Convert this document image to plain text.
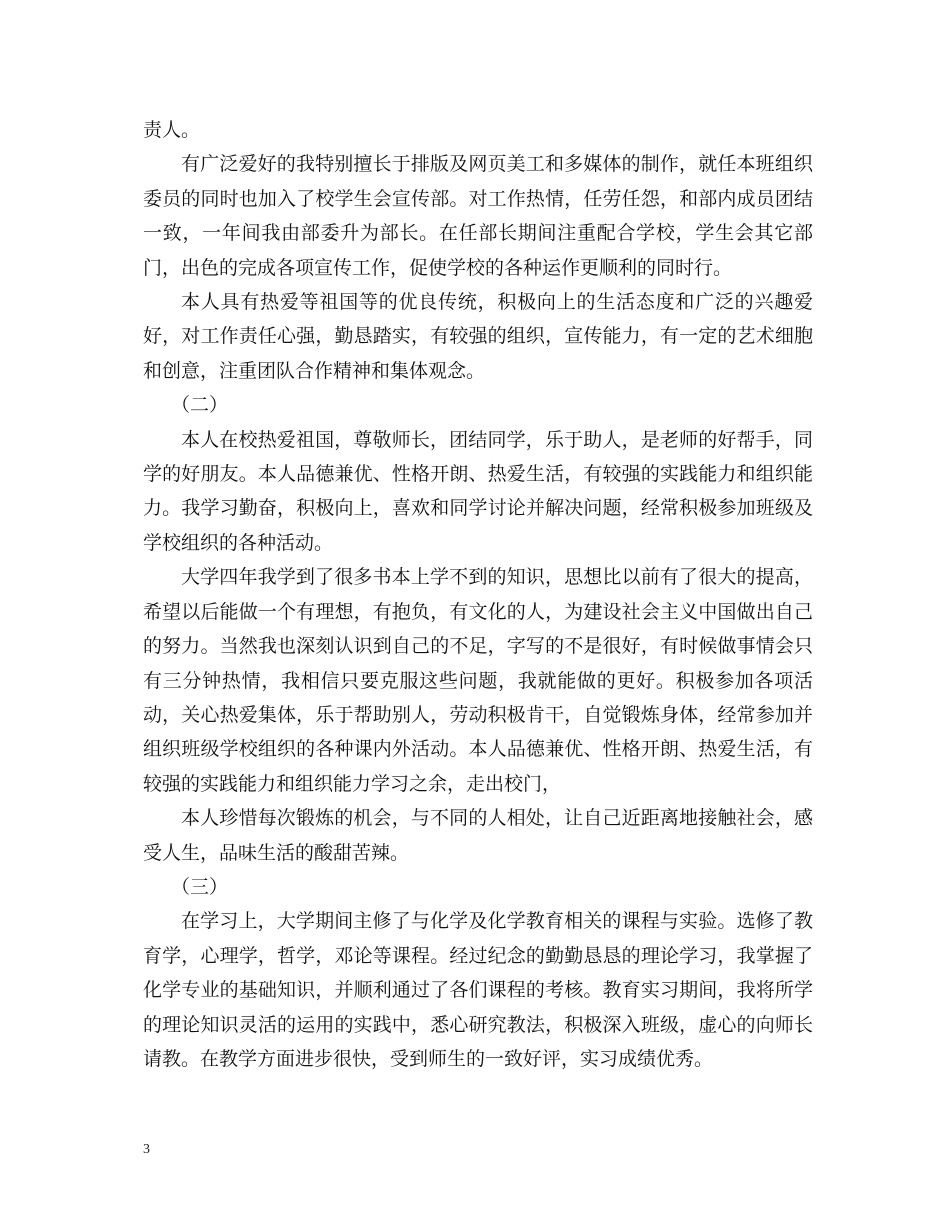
责人。

有广泛爱好的我特别擅长于排版及网页美工和多媒体的制作，就任本班组织委员的同时也加入了校学生会宣传部。对工作热情，任劳任怨，和部内成员团结一致，一年间我由部委升为部长。在任部长期间注重配合学校，学生会其它部门，出色的完成各项宣传工作，促使学校的各种运作更顺利的同时行。

本人具有热爱等祖国等的优良传统，积极向上的生活态度和广泛的兴趣爱好，对工作责任心强，勤恳踏实，有较强的组织，宣传能力，有一定的艺术细胞和创意，注重团队合作精神和集体观念。

（二）

本人在校热爱祖国，尊敬师长，团结同学，乐于助人，是老师的好帮手，同学的好朋友。本人品德兼优、性格开朗、热爱生活，有较强的实践能力和组织能力。我学习勤奋，积极向上，喜欢和同学讨论并解决问题，经常积极参加班级及学校组织的各种活动。

大学四年我学到了很多书本上学不到的知识，思想比以前有了很大的提高，希望以后能做一个有理想，有抱负，有文化的人，为建设社会主义中国做出自己的努力。当然我也深刻认识到自己的不足，字写的不是很好，有时候做事情会只有三分钟热情，我相信只要克服这些问题，我就能做的更好。积极参加各项活动，关心热爱集体，乐于帮助别人，劳动积极肯干，自觉锻炼身体，经常参加并组织班级学校组织的各种课内外活动。本人品德兼优、性格开朗、热爱生活，有较强的实践能力和组织能力学习之余，走出校门，

本人珍惜每次锻炼的机会，与不同的人相处，让自己近距离地接触社会，感受人生，品味生活的酸甜苦辣。

（三）

在学习上，大学期间主修了与化学及化学教育相关的课程与实验。选修了教育学，心理学，哲学，邓论等课程。经过纪念的勤勤恳恳的理论学习，我掌握了化学专业的基础知识，并顺利通过了各们课程的考核。教育实习期间，我将所学的理论知识灵活的运用的实践中，悉心研究教法，积极深入班级，虚心的向师长请教。在教学方面进步很快，受到师生的一致好评，实习成绩优秀。

3
